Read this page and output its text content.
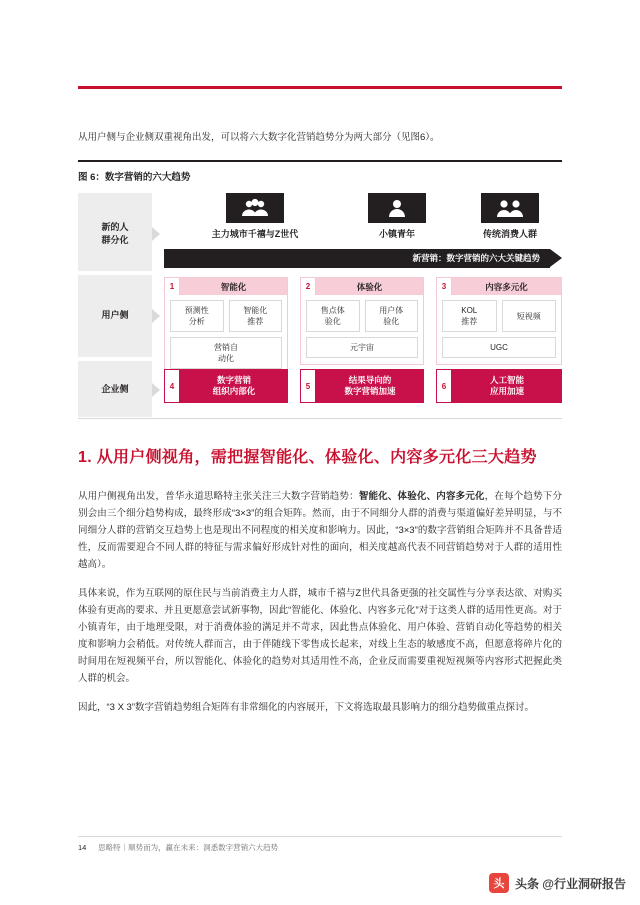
从用户侧与企业侧双重视角出发，可以将六大数字化营销趋势分为两大部分（见图6）。
图 6：数字营销的六大趋势
新的人
群分化
用户侧
企业侧
主力城市千禧与Z世代	小镇青年	传统消费人群
新营销：数字营销的六大关键趋势
1	智能化
预测性
分析
智能化
推荐
营销自
动化
2	体验化
售点体
验化
用户体
验化
元宇宙
3	内容多元化
KOL
推荐
短视频
UGC
4
数字营销
组织内部化	5
结果导向的
数字营销加速	6
人工智能
应用加速
1. 从用户侧视角，需把握智能化、体验化、内容多元化三大趋势

从用户侧视角出发，普华永道思略特主张关注三大数字营销趋势：智能化、体验化、内容多元化，在每个趋势下分别会由三个细分趋势构成，最终形成“3×3”的组合矩阵。然而，由于不同细分人群的消费与渠道偏好差异明显，与不同细分人群的营销交互趋势上也是现出不同程度的相关度和影响力。因此，“3×3”的数字营销组合矩阵并不具备普适性，反而需要迎合不同人群的特征与需求偏好形成针对性的面向，相关度越高代表不同营销趋势对于人群的适用性越高）。

具体来说，作为互联网的原住民与当前消费主力人群，城市千禧与Z世代具备更强的社交属性与分享表达欲、对购买体验有更高的要求、并且更愿意尝试新事物，因此“智能化、体验化、内容多元化”对于这类人群的适用性更高。对于小镇青年，由于地理受限，对于消费体验的满足并不苛求，因此售点体验化、用户体验、营销自动化等趋势的相关度和影响力会稍低。对传统人群而言，由于伴随线下零售成长起来，对线上生态的敏感度不高，但愿意将碎片化的时间用在短视频平台，所以智能化、体验化的趋势对其适用性不高，企业反而需要重视短视频等内容形式把握此类人群的机会。

因此，“3 X 3”数字营销趋势组合矩阵有非常细化的内容展开，下文将选取最具影响力的细分趋势做重点探讨。

14 思略特｜顺势而为，赢在未来：洞悉数字营销六大趋势
头 头条 @行业洞研报告
